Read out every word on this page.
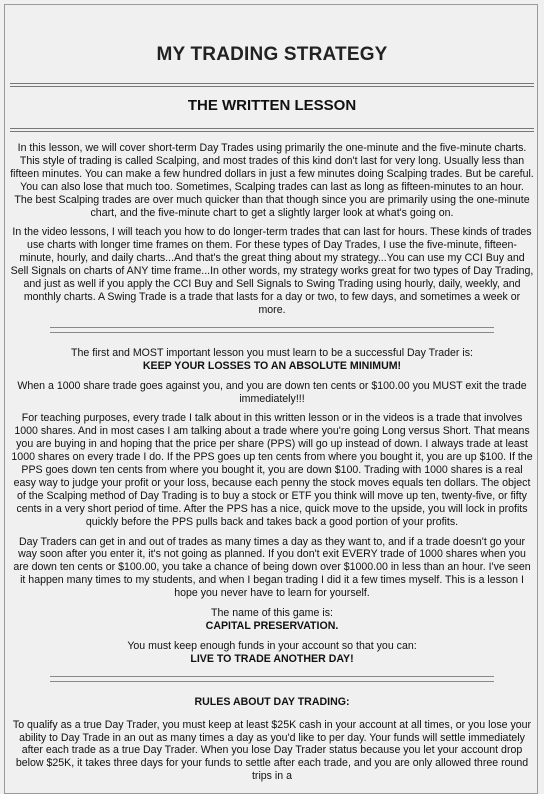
MY TRADING STRATEGY
THE WRITTEN LESSON

In this lesson, we will cover short-term Day Trades using primarily the one-minute and the five-minute charts. This style of trading is called Scalping, and most trades of this kind don't last for very long. Usually less than fifteen minutes. You can make a few hundred dollars in just a few minutes doing Scalping trades. But be careful. You can also lose that much too. Sometimes, Scalping trades can last as long as fifteen-minutes to an hour. The best Scalping trades are over much quicker than that though since you are primarily using the one-minute chart, and the five-minute chart to get a slightly larger look at what's going on.

In the video lessons, I will teach you how to do longer-term trades that can last for hours. These kinds of trades use charts with longer time frames on them. For these types of Day Trades, I use the five-minute, fifteen-minute, hourly, and daily charts...And that's the great thing about my strategy...You can use my CCI Buy and Sell Signals on charts of ANY time frame...In other words, my strategy works great for two types of Day Trading, and just as well if you apply the CCI Buy and Sell Signals to Swing Trading using hourly, daily, weekly, and monthly charts. A Swing Trade is a trade that lasts for a day or two, to few days, and sometimes a week or more.

The first and MOST important lesson you must learn to be a successful Day Trader is:
KEEP YOUR LOSSES TO AN ABSOLUTE MINIMUM!

When a 1000 share trade goes against you, and you are down ten cents or $100.00 you MUST exit the trade immediately!!!

For teaching purposes, every trade I talk about in this written lesson or in the videos is a trade that involves 1000 shares. And in most cases I am talking about a trade where you're going Long versus Short. That means you are buying in and hoping that the price per share (PPS) will go up instead of down. I always trade at least 1000 shares on every trade I do. If the PPS goes up ten cents from where you bought it, you are up $100. If the PPS goes down ten cents from where you bought it, you are down $100. Trading with 1000 shares is a real easy way to judge your profit or your loss, because each penny the stock moves equals ten dollars. The object of the Scalping method of Day Trading is to buy a stock or ETF you think will move up ten, twenty-five, or fifty cents in a very short period of time. After the PPS has a nice, quick move to the upside, you will lock in profits quickly before the PPS pulls back and takes back a good portion of your profits.

Day Traders can get in and out of trades as many times a day as they want to, and if a trade doesn't go your way soon after you enter it, it's not going as planned. If you don't exit EVERY trade of 1000 shares when you are down ten cents or $100.00, you take a chance of being down over $1000.00 in less than an hour. I've seen it happen many times to my students, and when I began trading I did it a few times myself. This is a lesson I hope you never have to learn for yourself.

The name of this game is:
CAPITAL PRESERVATION.

You must keep enough funds in your account so that you can:
LIVE TO TRADE ANOTHER DAY!

RULES ABOUT DAY TRADING:

To qualify as a true Day Trader, you must keep at least $25K cash in your account at all times, or you lose your ability to Day Trade in an out as many times a day as you'd like to per day. Your funds will settle immediately after each trade as a true Day Trader. When you lose Day Trader status because you let your account drop below $25K, it takes three days for your funds to settle after each trade, and you are only allowed three round trips in a
